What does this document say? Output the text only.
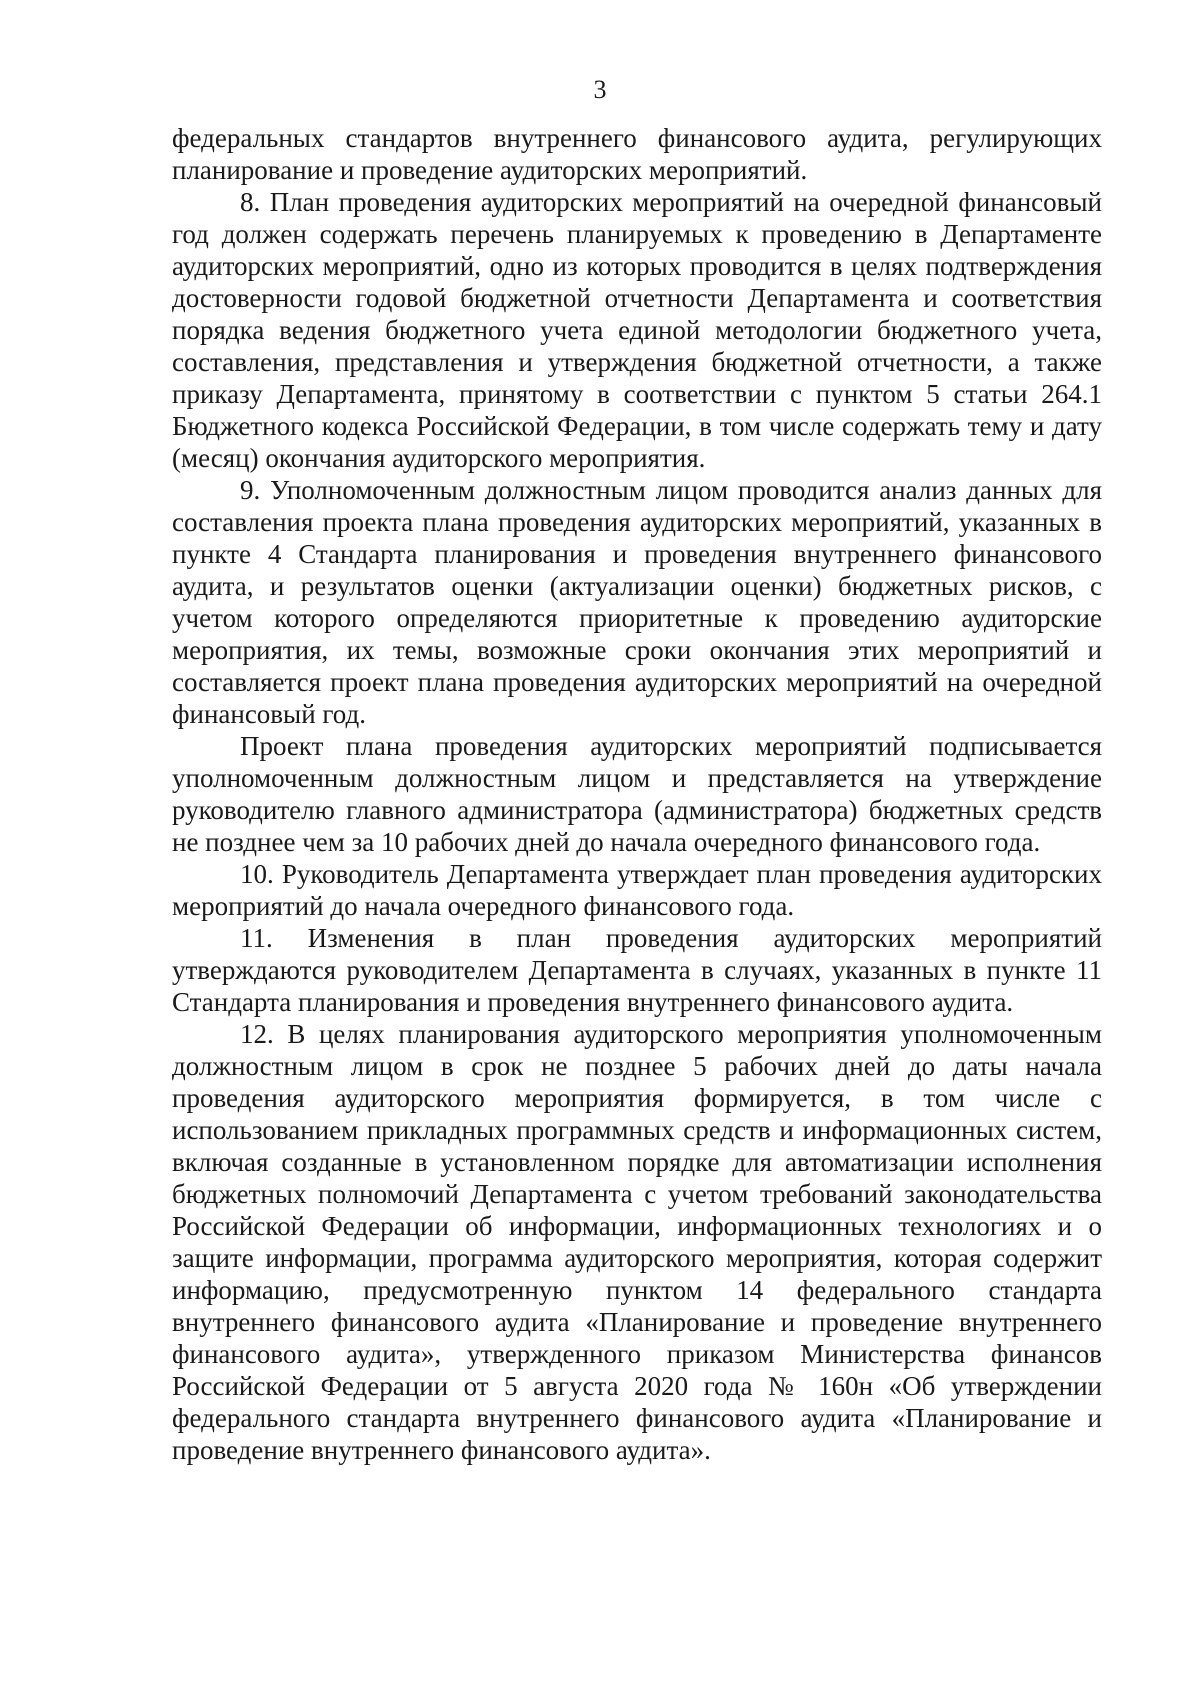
3

федеральных стандартов внутреннего финансового аудита, регулирующих планирование и проведение аудиторских мероприятий.

8. План проведения аудиторских мероприятий на очередной финансовый год должен содержать перечень планируемых к проведению в Департаменте аудиторских мероприятий, одно из которых проводится в целях подтверждения достоверности годовой бюджетной отчетности Департамента и соответствия порядка ведения бюджетного учета единой методологии бюджетного учета, составления, представления и утверждения бюджетной отчетности, а также приказу Департамента, принятому в соответствии с пунктом 5 статьи 264.1 Бюджетного кодекса Российской Федерации, в том числе содержать тему и дату (месяц) окончания аудиторского мероприятия.

9. Уполномоченным должностным лицом проводится анализ данных для составления проекта плана проведения аудиторских мероприятий, указанных в пункте 4 Стандарта планирования и проведения внутреннего финансового аудита, и результатов оценки (актуализации оценки) бюджетных рисков, с учетом которого определяются приоритетные к проведению аудиторские мероприятия, их темы, возможные сроки окончания этих мероприятий и составляется проект плана проведения аудиторских мероприятий на очередной финансовый год.

Проект плана проведения аудиторских мероприятий подписывается уполномоченным должностным лицом и представляется на утверждение руководителю главного администратора (администратора) бюджетных средств не позднее чем за 10 рабочих дней до начала очередного финансового года.

10. Руководитель Департамента утверждает план проведения аудиторских мероприятий до начала очередного финансового года.

11. Изменения в план проведения аудиторских мероприятий утверждаются руководителем Департамента в случаях, указанных в пункте 11 Стандарта планирования и проведения внутреннего финансового аудита.

12. В целях планирования аудиторского мероприятия уполномоченным должностным лицом в срок не позднее 5 рабочих дней до даты начала проведения аудиторского мероприятия формируется, в том числе с использованием прикладных программных средств и информационных систем, включая созданные в установленном порядке для автоматизации исполнения бюджетных полномочий Департамента с учетом требований законодательства Российской Федерации об информации, информационных технологиях и о защите информации, программа аудиторского мероприятия, которая содержит информацию, предусмотренную пунктом 14 федерального стандарта внутреннего финансового аудита «Планирование и проведение внутреннего финансового аудита», утвержденного приказом Министерства финансов Российской Федерации от 5 августа 2020 года № 160н «Об утверждении федерального стандарта внутреннего финансового аудита «Планирование и проведение внутреннего финансового аудита».
